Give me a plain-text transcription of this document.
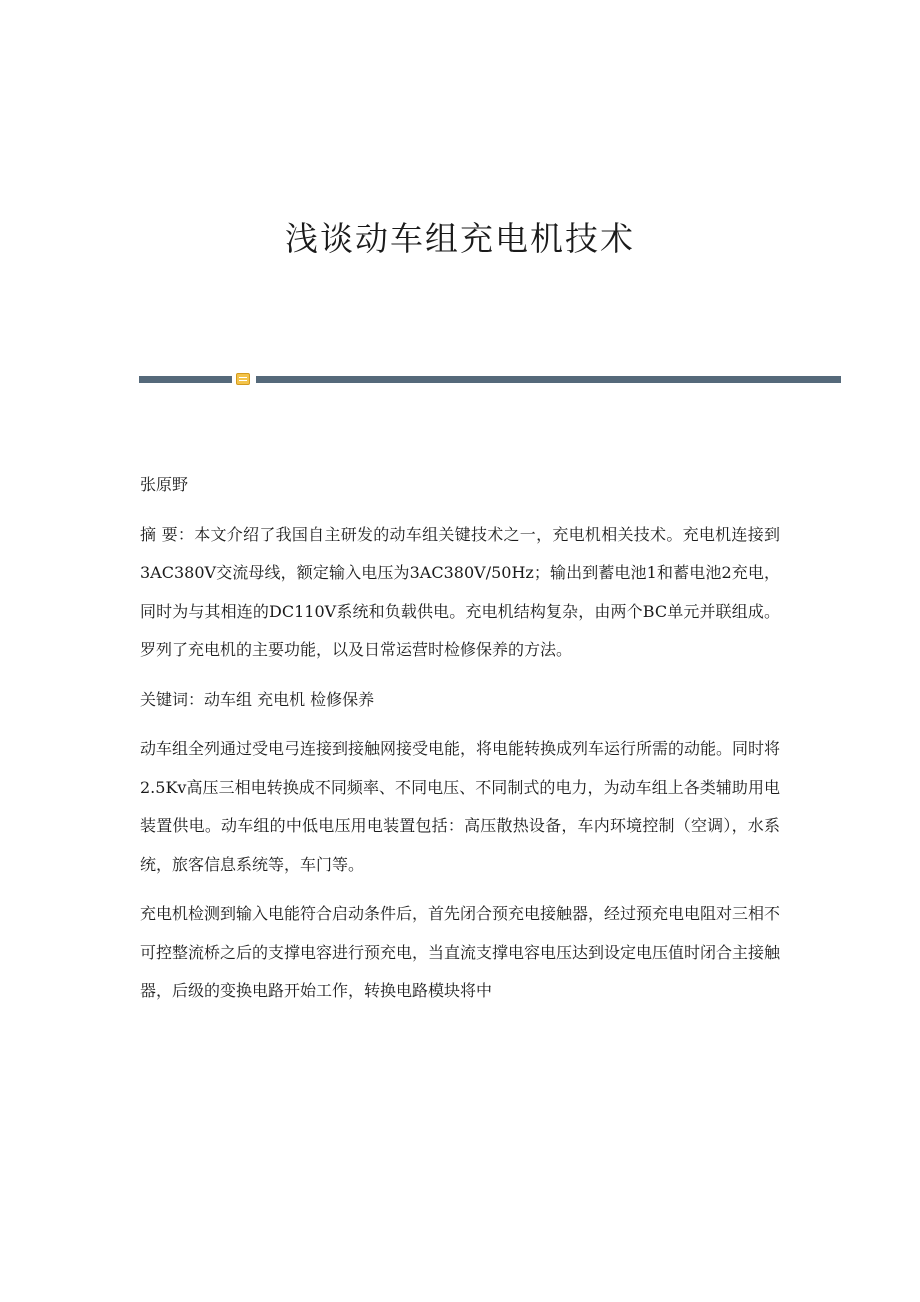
浅谈动车组充电机技术

张原野

摘 要：本文介绍了我国自主研发的动车组关键技术之一，充电机相关技术。充电机连接到3AC380V交流母线，额定输入电压为3AC380V/50Hz；输出到蓄电池1和蓄电池2充电，同时为与其相连的DC110V系统和负载供电。充电机结构复杂，由两个BC单元并联组成。罗列了充电机的主要功能，以及日常运营时检修保养的方法。

关键词：动车组 充电机 检修保养

动车组全列通过受电弓连接到接触网接受电能，将电能转换成列车运行所需的动能。同时将2.5Kv高压三相电转换成不同频率、不同电压、不同制式的电力，为动车组上各类辅助用电装置供电。动车组的中低电压用电装置包括：高压散热设备，车内环境控制（空调），水系统，旅客信息系统等，车门等。

充电机检测到输入电能符合启动条件后，首先闭合预充电接触器，经过预充电电阻对三相不可控整流桥之后的支撑电容进行预充电，当直流支撑电容电压达到设定电压值时闭合主接触器，后级的变换电路开始工作，转换电路模块将中
